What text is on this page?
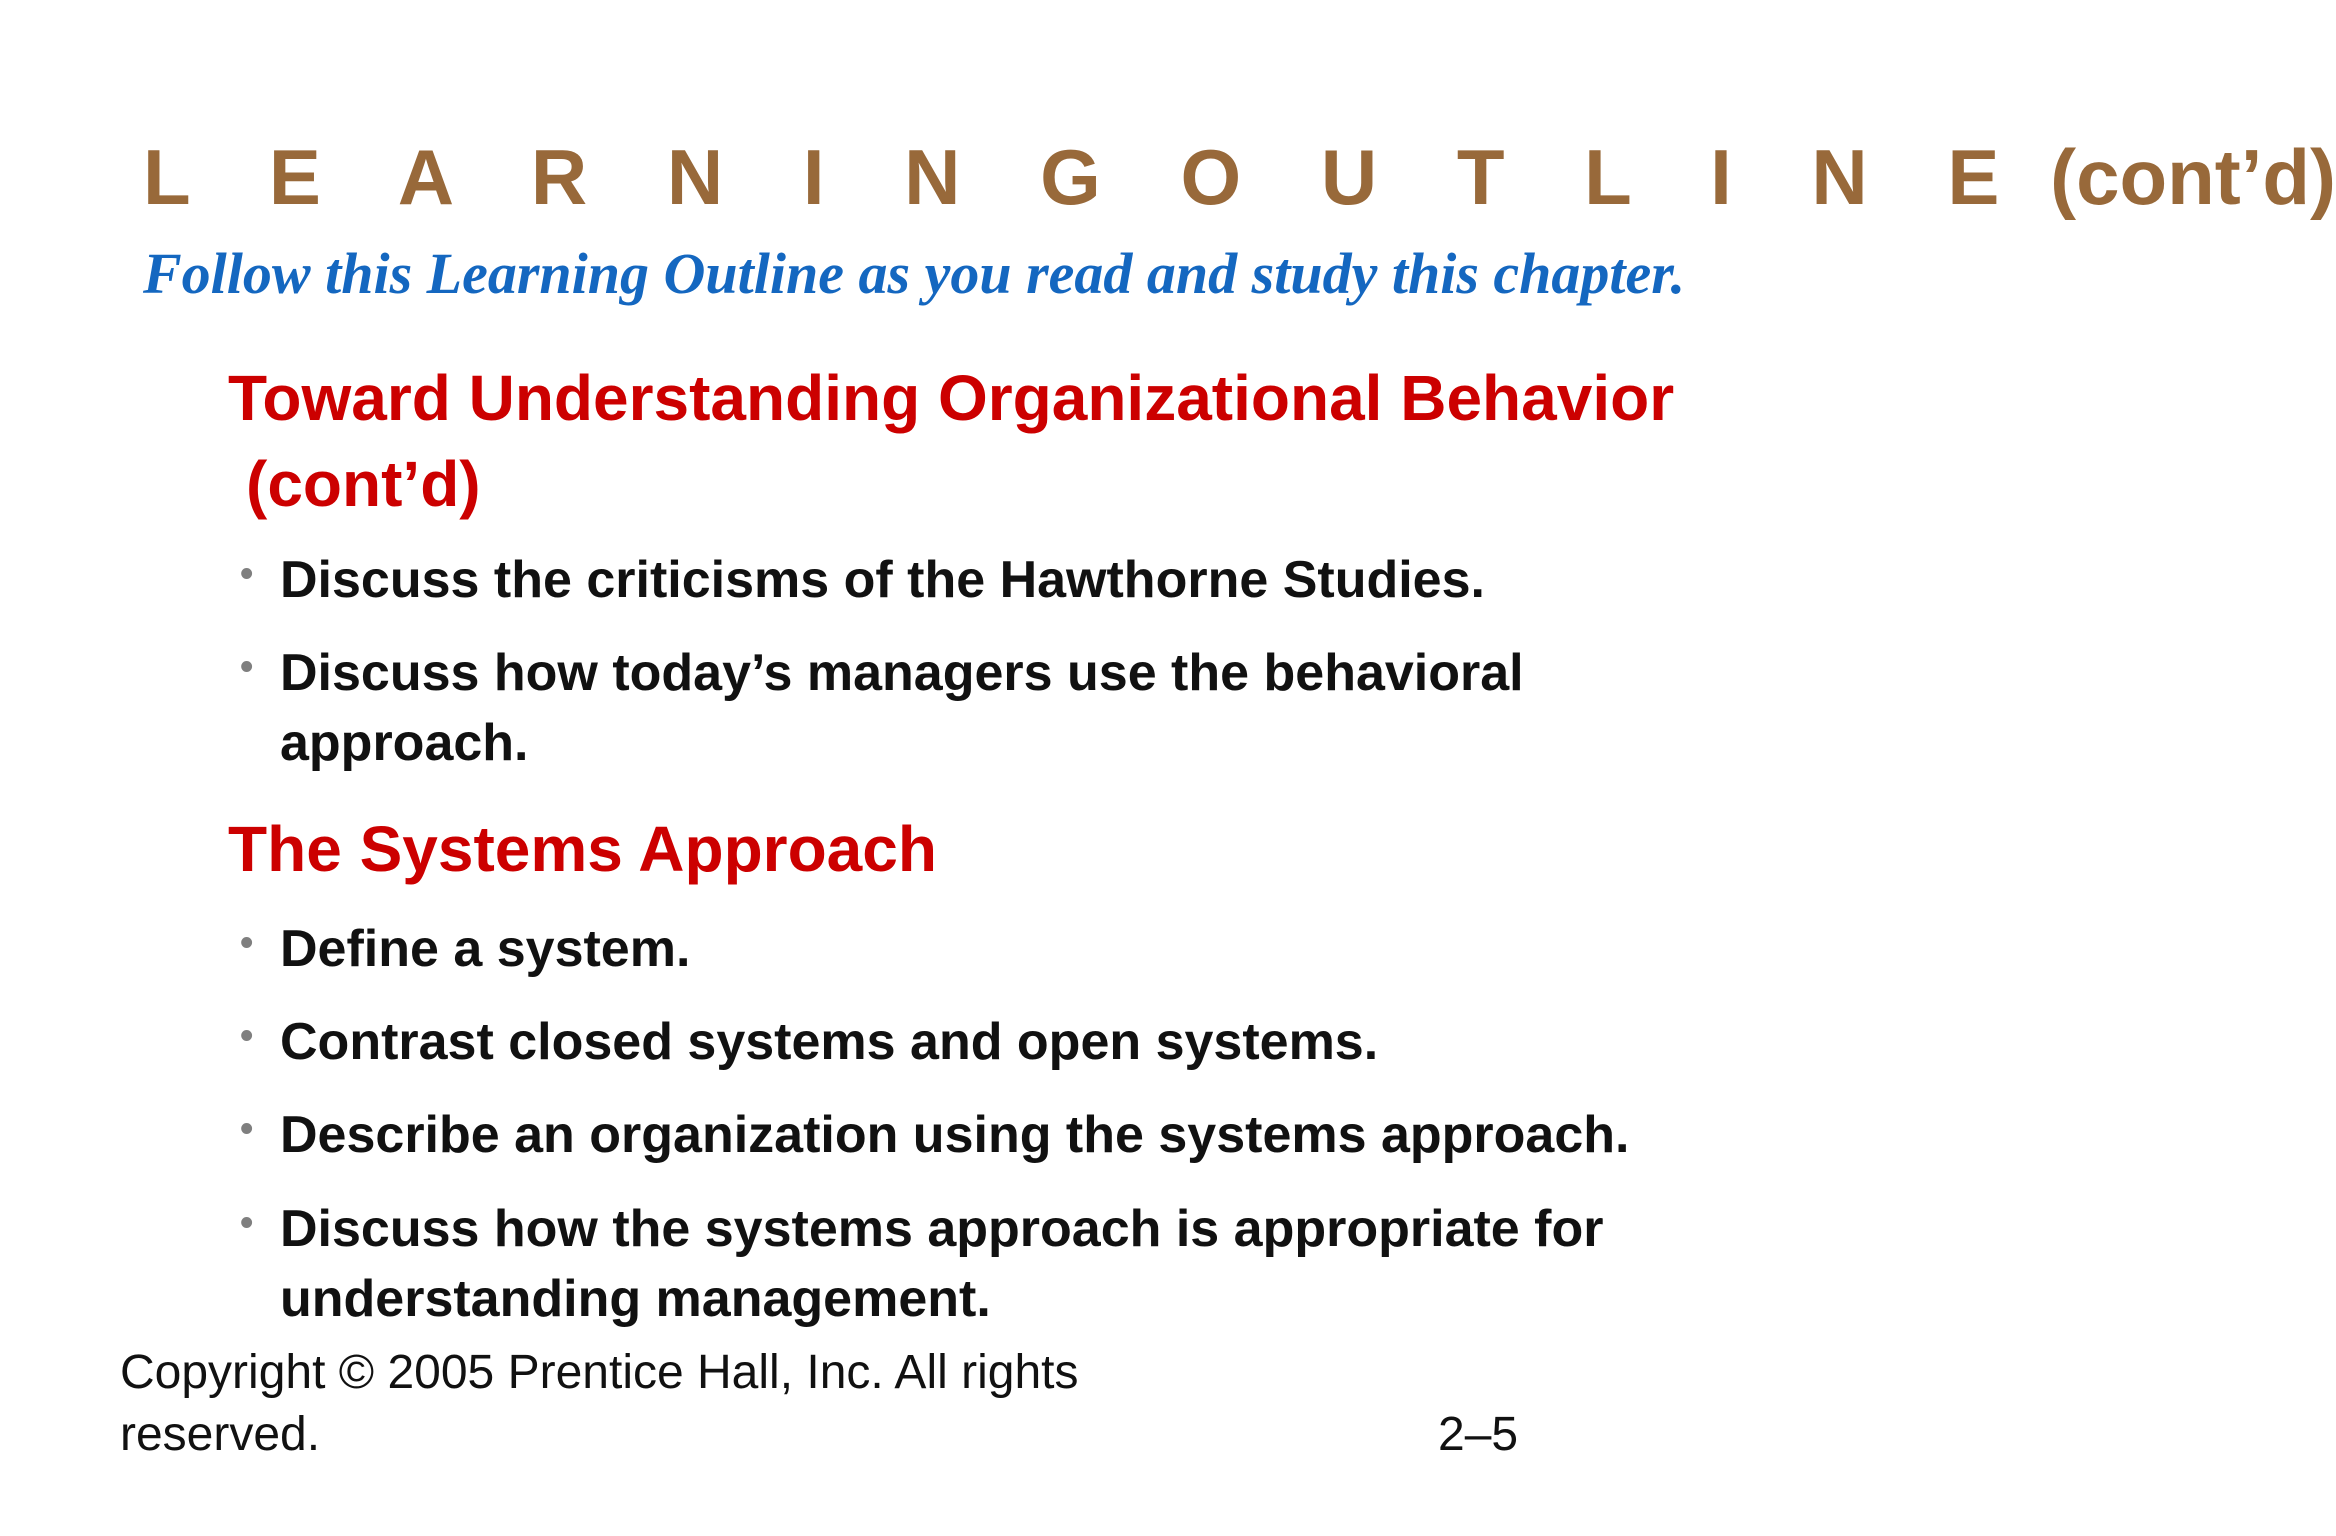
L E A R N I N G O U T L I N E (cont’d)
Follow this Learning Outline as you read and study this chapter.
Toward Understanding Organizational Behavior
(cont’d)
• Discuss the criticisms of the Hawthorne Studies.
• Discuss how today’s managers use the behavioral approach.
The Systems Approach
• Define a system.
• Contrast closed systems and open systems.
• Describe an organization using the systems approach.
• Discuss how the systems approach is appropriate for understanding management.
Copyright © 2005 Prentice Hall, Inc. All rights reserved.	2–5
